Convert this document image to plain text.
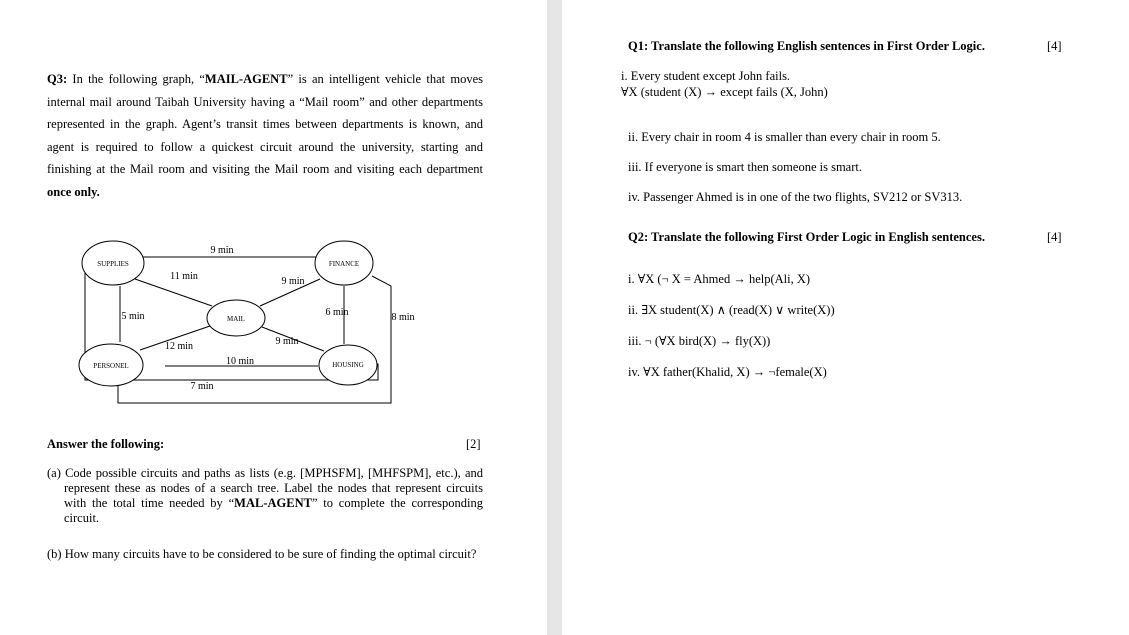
Q3: In the following graph, “MAIL-AGENT” is an intelligent vehicle that moves internal mail around Taibah University having a “Mail room” and other departments represented in the graph. Agent’s transit times between departments is known, and agent is required to follow a quickest circuit around the university, starting and finishing at the Mail room and visiting the Mail room and visiting each department once only.
SUPPLIES	FINANCE
MAIL
PERSONEL	HOUSING
9 min
11 min	9 min
5 min	6 min	8 min
12 min	9 min
10 min
7 min
Answer the following:	[2]
(a) Code possible circuits and paths as lists (e.g. [MPHSFM], [MHFSPM], etc.), and represent these as nodes of a search tree. Label the nodes that represent circuits with the total time needed by “MAL-AGENT” to complete the corresponding circuit.
(b) How many circuits have to be considered to be sure of finding the optimal circuit?
Q1: Translate the following English sentences in First Order Logic.	[4]
i. Every student except John fails.
∀X (student (X) → except fails (X, John)
ii. Every chair in room 4 is smaller than every chair in room 5.
iii. If everyone is smart then someone is smart.
iv. Passenger Ahmed is in one of the two flights, SV212 or SV313.
Q2: Translate the following First Order Logic in English sentences.	[4]
i. ∀X (¬ X = Ahmed → help(Ali, X)
ii. ∃X student(X) ∧ (read(X) ∨ write(X))
iii. ¬ (∀X bird(X) → fly(X))
iv. ∀X father(Khalid, X) → ¬female(X)
